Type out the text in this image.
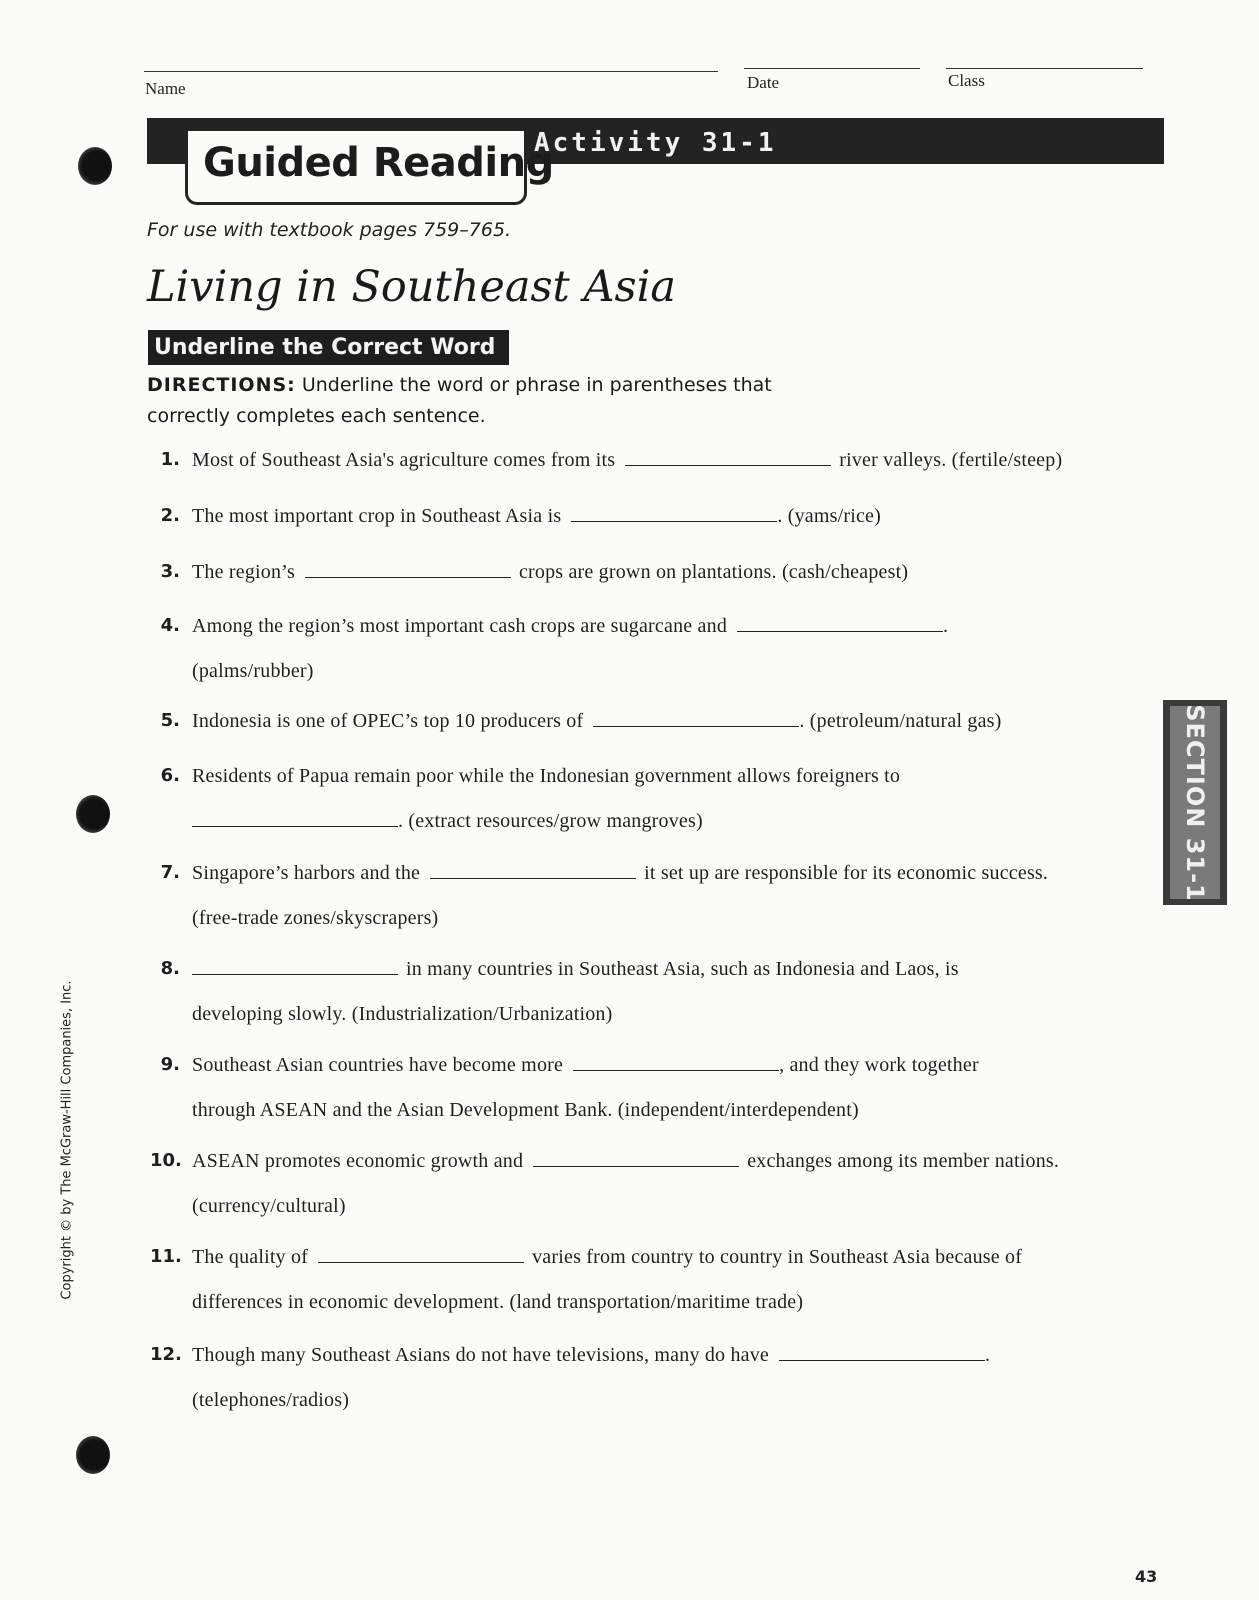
Name	Date	Class
Guided Reading
Activity 31-1
For use with textbook pages 759–765.
Living in Southeast Asia
Underline the Correct Word
DIRECTIONS: Underline the word or phrase in parentheses that
correctly completes each sentence.
1. Most of Southeast Asia's agriculture comes from its	river valleys. (fertile/steep)
2. The most important crop in Southeast Asia is	. (yams/rice)
3. The region’s	crops are grown on plantations. (cash/cheapest)
4. Among the region’s most important cash crops are sugarcane and	.
(palms/rubber)
5. Indonesia is one of OPEC’s top 10 producers of	. (petroleum/natural gas)
6. Residents of Papua remain poor while the Indonesian government allows foreigners to
. (extract resources/grow mangroves)
7. Singapore’s harbors and the	it set up are responsible for its economic success.
(free-trade zones/skyscrapers)
8.	in many countries in Southeast Asia, such as Indonesia and Laos, is
developing slowly. (Industrialization/Urbanization)
9. Southeast Asian countries have become more	, and they work together
through ASEAN and the Asian Development Bank. (independent/interdependent)
10. ASEAN promotes economic growth and	exchanges among its member nations.
(currency/cultural)
11. The quality of	varies from country to country in Southeast Asia because of
differences in economic development. (land transportation/maritime trade)
12. Though many Southeast Asians do not have televisions, many do have	.
(telephones/radios)
SECTION 31-1
Copyright © by The McGraw-Hill Companies, Inc.
43
